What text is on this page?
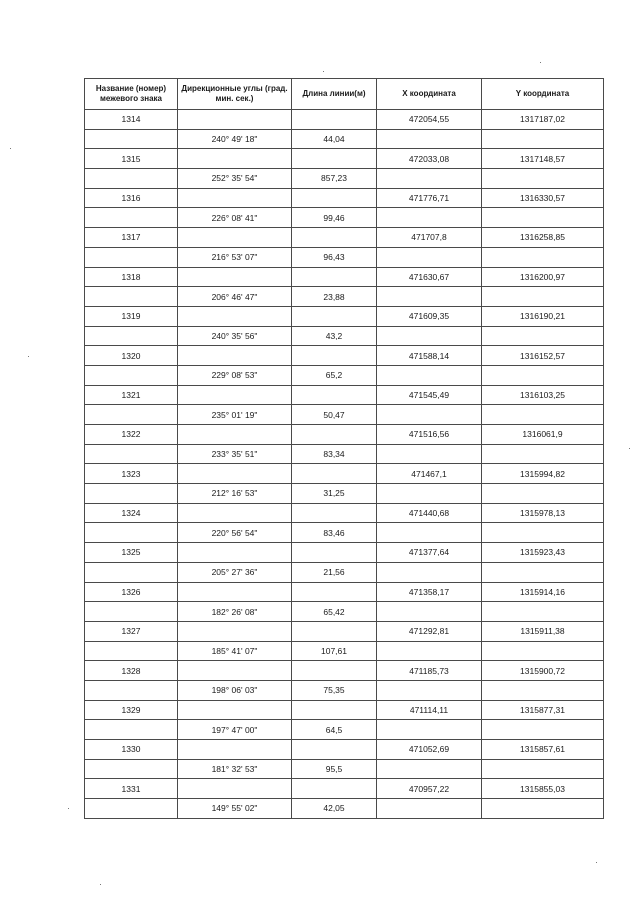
Название (номер) межевого знака	Дирекционные углы (град. мин. сек.)	Длина линии(м)	X координата	Y координата
1314			472054,55	1317187,02
	240° 49' 18"	44,04		
1315			472033,08	1317148,57
	252° 35' 54"	857,23		
1316			471776,71	1316330,57
	226° 08' 41"	99,46		
1317			471707,8	1316258,85
	216° 53' 07"	96,43		
1318			471630,67	1316200,97
	206° 46' 47"	23,88		
1319			471609,35	1316190,21
	240° 35' 56"	43,2		
1320			471588,14	1316152,57
	229° 08' 53"	65,2		
1321			471545,49	1316103,25
	235° 01' 19"	50,47		
1322			471516,56	1316061,9
	233° 35' 51"	83,34		
1323			471467,1	1315994,82
	212° 16' 53"	31,25		
1324			471440,68	1315978,13
	220° 56' 54"	83,46		
1325			471377,64	1315923,43
	205° 27' 36"	21,56		
1326			471358,17	1315914,16
	182° 26' 08"	65,42		
1327			471292,81	1315911,38
	185° 41' 07"	107,61		
1328			471185,73	1315900,72
	198° 06' 03"	75,35		
1329			471114,11	1315877,31
	197° 47' 00"	64,5		
1330			471052,69	1315857,61
	181° 32' 53"	95,5		
1331			470957,22	1315855,03
	149° 55' 02"	42,05		
